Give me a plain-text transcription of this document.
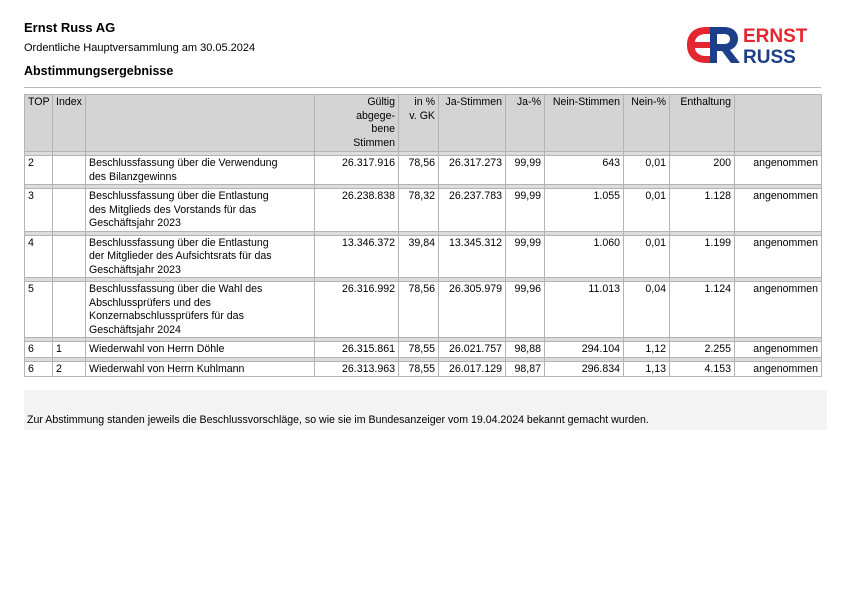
Ernst Russ AG
Ordentliche Hauptversammlung am 30.05.2024
Abstimmungsergebnisse
ERNST
RUSS
TOP	Index		Gültig
abgege-
bene
Stimmen	in %
v. GK	Ja-Stimmen	Ja-%	Nein-Stimmen	Nein-%	Enthaltung	

2		Beschlussfassung über die Verwendung
des Bilanzgewinns	26.317.916	78,56	26.317.273	99,99	643	0,01	200	angenommen

3		Beschlussfassung über die Entlastung
des Mitglieds des Vorstands für das
Geschäftsjahr 2023	26.238.838	78,32	26.237.783	99,99	1.055	0,01	1.128	angenommen

4		Beschlussfassung über die Entlastung
der Mitglieder des Aufsichtsrats für das
Geschäftsjahr 2023	13.346.372	39,84	13.345.312	99,99	1.060	0,01	1.199	angenommen

5		Beschlussfassung über die Wahl des
Abschlussprüfers und des
Konzernabschlussprüfers für das
Geschäftsjahr 2024	26.316.992	78,56	26.305.979	99,96	11.013	0,04	1.124	angenommen

6	1	Wiederwahl von Herrn Döhle	26.315.861	78,55	26.021.757	98,88	294.104	1,12	2.255	angenommen

6	2	Wiederwahl von Herrn Kuhlmann	26.313.963	78,55	26.017.129	98,87	296.834	1,13	4.153	angenommen
Zur Abstimmung standen jeweils die Beschlussvorschläge, so wie sie im Bundesanzeiger vom 19.04.2024 bekannt gemacht wurden.
